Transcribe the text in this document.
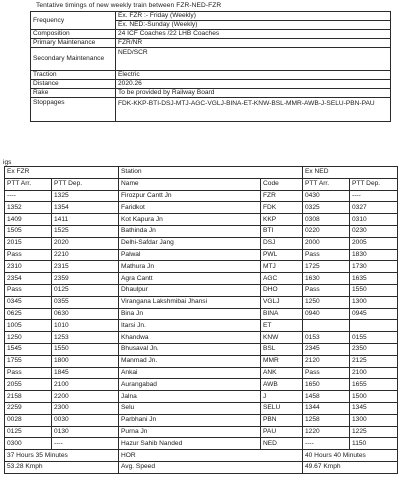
Tentative timings of new weekly train between FZR-NED-FZR
Frequency	Ex. FZR :- Friday (Weekly)
	Ex. NED:-Sunday (Weekly)
Composition	24 ICF Coaches /22 LHB Coaches
Primary Maintenance	FZR/NR
Secondary Maintenance	NED/SCR
Traction	Electric
Distance	2020.26
Rake	To be provided by Railway Board
Stoppages	FDK-KKP-BTI-DSJ-MTJ-AGC-VGLJ-BINA-ET-KNW-BSL-MMR-AWB-J-SELU-PBN-PAU
igs
Ex FZR		Station		Ex NED	
PTT Arr.	PTT Dep.	Name	Code	PTT Arr.	PTT Dep.
----	1325	Firozpur Cantt Jn	FZR	0430	----
1352	1354	Faridkot	FDK	0325	0327
1409	1411	Kot Kapura Jn	KKP	0308	0310
1505	1525	Bathinda Jn	BTI	0220	0230
2015	2020	Delhi-Safdar Jang	DSJ	2000	2005
Pass	2210	Palwal	PWL	Pass	1830
2310	2315	Mathura Jn	MTJ	1725	1730
2354	2359	Agra Cantt	AGC	1630	1635
Pass	0125	Dhaulpur	DHO	Pass	1550
0345	0355	Virangana Lakshmibai Jhansi	VGLJ	1250	1300
0625	0630	Bina Jn	BINA	0940	0945
1005	1010	Itarsi Jn.	ET		
1250	1253	Khandwa	KNW	0153	0155
1545	1550	Bhusaval Jn.	BSL	2345	2350
1755	1800	Manmad Jn.	MMR	2120	2125
Pass	1845	Ankai	ANK	Pass	2100
2055	2100	Aurangabad	AWB	1650	1655
2158	2200	Jalna	J	1458	1500
2259	2300	Selu	SELU	1344	1345
0028	0030	Parbhani Jn	PBN	1258	1300
0125	0130	Purna Jn	PAU	1220	1225
0300	----	Hazur Sahib Nanded	NED	----	1150
37 Hours 35 Minutes		HOR		40 Hours 40 Minutes	
53.28 Kmph		Avg. Speed		49.67 Kmph	
